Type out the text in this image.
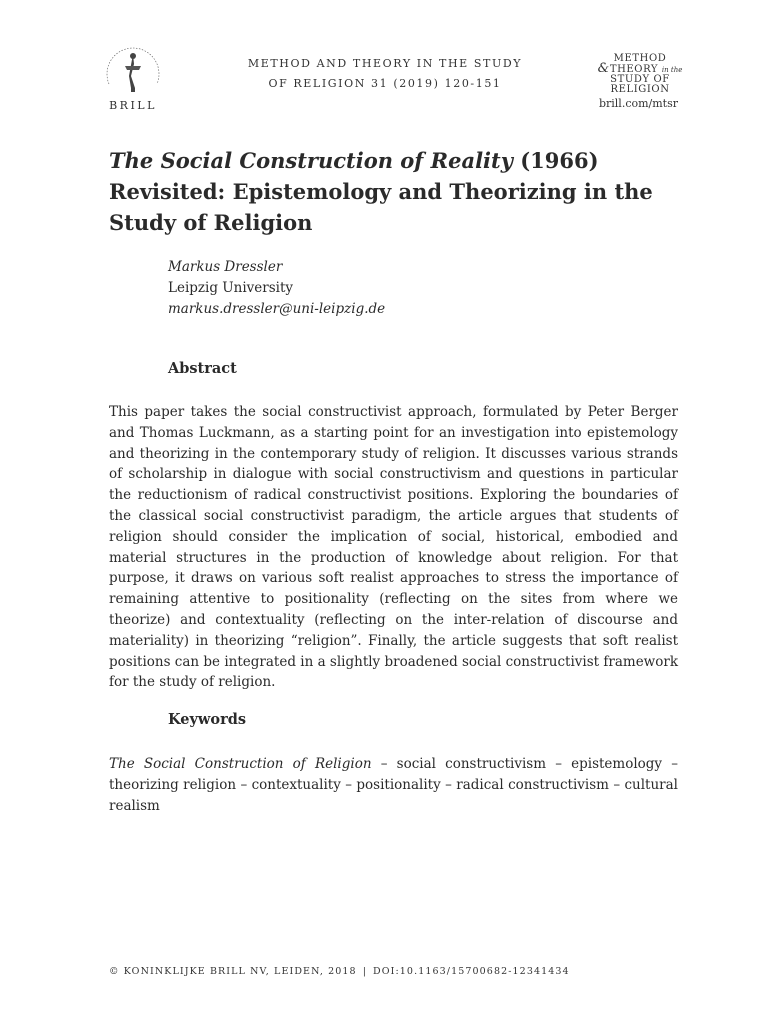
BRILL
METHOD AND THEORY IN THE STUDY
OF RELIGION 31 (2019) 120-151
METHOD
&THEORY in the
STUDY OF
RELIGION
brill.com/mtsr
The Social Construction of Reality (1966) Revisited: Epistemology and Theorizing in the Study of Religion
Markus Dressler
Leipzig University
markus.dressler@uni-leipzig.de
Abstract

This paper takes the social constructivist approach, formulated by Peter Berger and Thomas Luckmann, as a starting point for an investigation into epistemology and theorizing in the contemporary study of religion. It discusses various strands of scholarship in dialogue with social constructivism and questions in particular the reductionism of radical constructivist positions. Exploring the boundaries of the classical social constructivist paradigm, the article argues that students of religion should consider the implication of social, historical, embodied and material structures in the production of knowledge about religion. For that purpose, it draws on various soft realist approaches to stress the importance of remaining attentive to positionality (reflecting on the sites from where we theorize) and contextuality (reflecting on the inter-relation of discourse and materiality) in theorizing “religion”. Finally, the article suggests that soft realist positions can be integrated in a slightly broadened social constructivist framework for the study of religion.

Keywords

The Social Construction of Religion – social constructivism – epistemology – theorizing religion – contextuality – positionality – radical constructivism – cultural realism

© KONINKLIJKE BRILL NV, LEIDEN, 2018 | DOI:10.1163/15700682-12341434
